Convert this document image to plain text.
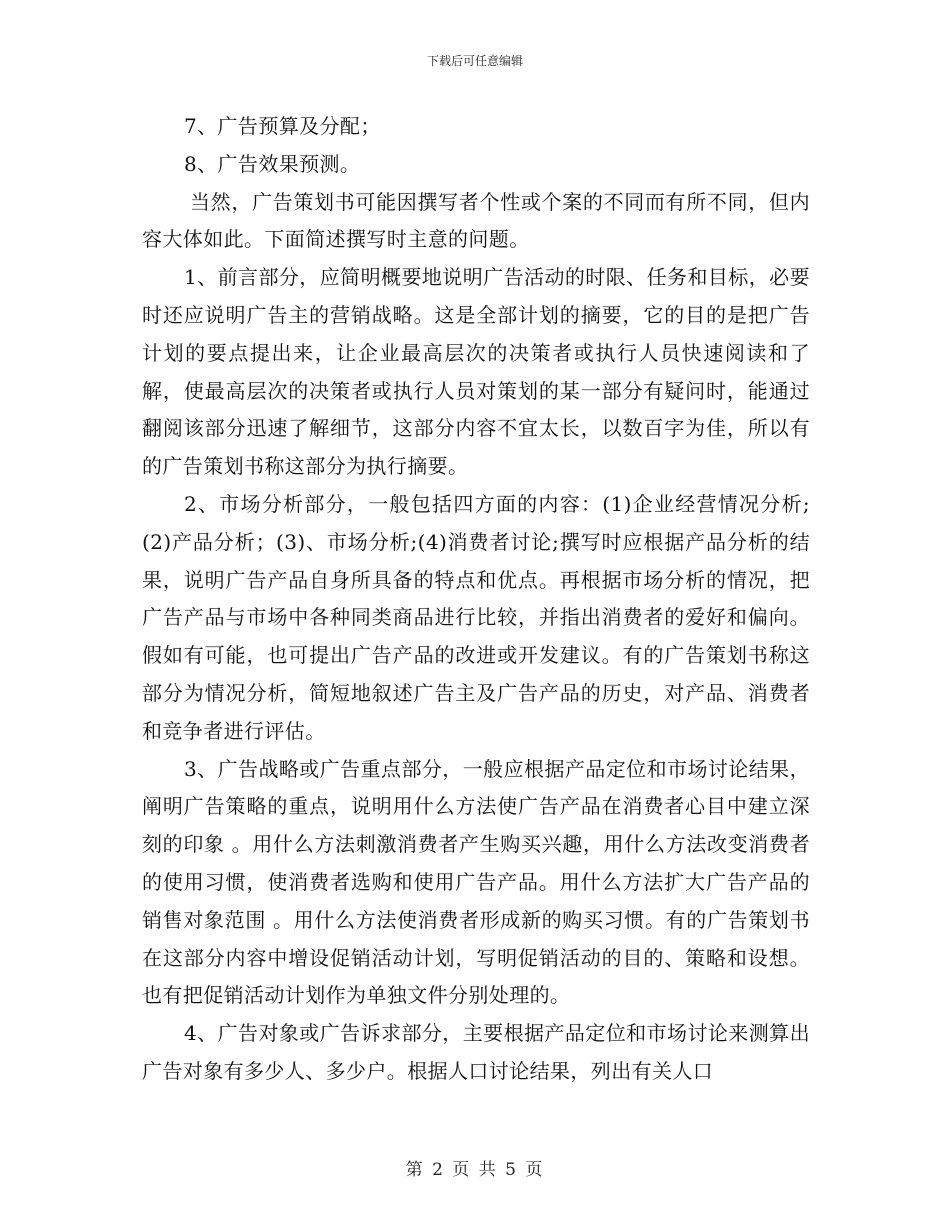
下载后可任意编辑

7、广告预算及分配；

8、广告效果预测。

当然，广告策划书可能因撰写者个性或个案的不同而有所不同，但内容大体如此。下面简述撰写时主意的问题。

1、前言部分，应简明概要地说明广告活动的时限、任务和目标，必要时还应说明广告主的营销战略。这是全部计划的摘要，它的目的是把广告计划的要点提出来，让企业最高层次的决策者或执行人员快速阅读和了解，使最高层次的决策者或执行人员对策划的某一部分有疑问时，能通过翻阅该部分迅速了解细节，这部分内容不宜太长，以数百字为佳，所以有的广告策划书称这部分为执行摘要。

2、市场分析部分，一般包括四方面的内容：(1)企业经营情况分析;(2)产品分析；(3)、市场分析;(4)消费者讨论;撰写时应根据产品分析的结果，说明广告产品自身所具备的特点和优点。再根据市场分析的情况，把广告产品与市场中各种同类商品进行比较，并指出消费者的爱好和偏向。假如有可能，也可提出广告产品的改进或开发建议。有的广告策划书称这部分为情况分析，简短地叙述广告主及广告产品的历史，对产品、消费者和竞争者进行评估。

3、广告战略或广告重点部分，一般应根据产品定位和市场讨论结果，阐明广告策略的重点，说明用什么方法使广告产品在消费者心目中建立深刻的印象 。用什么方法刺激消费者产生购买兴趣，用什么方法改变消费者的使用习惯，使消费者选购和使用广告产品。用什么方法扩大广告产品的销售对象范围 。用什么方法使消费者形成新的购买习惯。有的广告策划书在这部分内容中增设促销活动计划，写明促销活动的目的、策略和设想。也有把促销活动计划作为单独文件分别处理的。

4、广告对象或广告诉求部分，主要根据产品定位和市场讨论来测算出广告对象有多少人、多少户。根据人口讨论结果，列出有关人口

第 2 页 共 5 页
